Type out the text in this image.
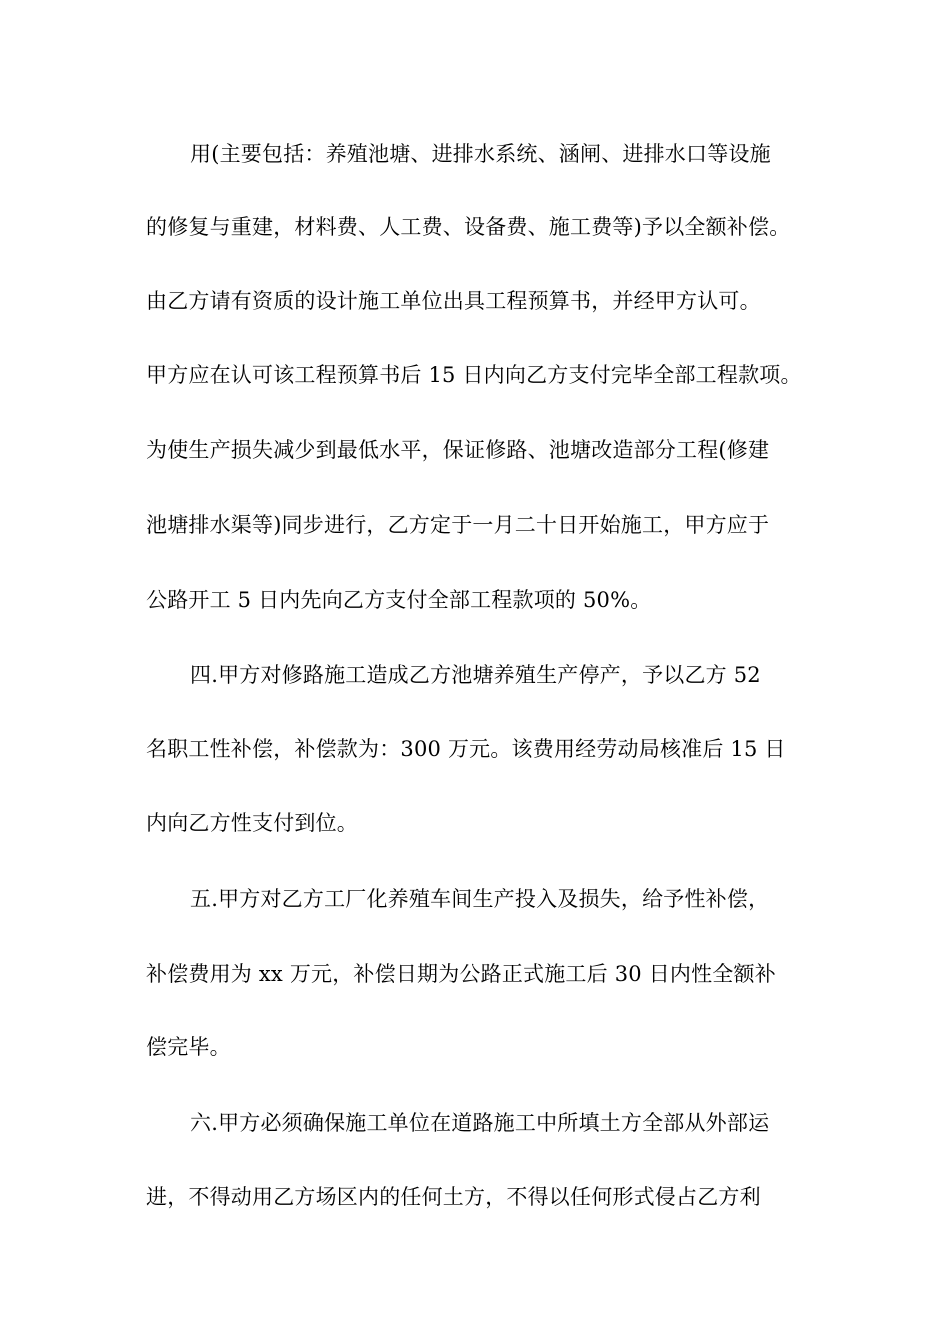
用(主要包括：养殖池塘、进排水系统、涵闸、进排水口等设施
的修复与重建，材料费、人工费、设备费、施工费等)予以全额补偿。
由乙方请有资质的设计施工单位出具工程预算书，并经甲方认可。
甲方应在认可该工程预算书后 15 日内向乙方支付完毕全部工程款项。
为使生产损失减少到最低水平，保证修路、池塘改造部分工程(修建
池塘排水渠等)同步进行，乙方定于一月二十日开始施工，甲方应于
公路开工 5 日内先向乙方支付全部工程款项的 50%。
四.甲方对修路施工造成乙方池塘养殖生产停产，予以乙方 52
名职工性补偿，补偿款为：300 万元。该费用经劳动局核准后 15 日
内向乙方性支付到位。
五.甲方对乙方工厂化养殖车间生产投入及损失，给予性补偿，
补偿费用为 xx 万元，补偿日期为公路正式施工后 30 日内性全额补
偿完毕。
六.甲方必须确保施工单位在道路施工中所填土方全部从外部运
进，不得动用乙方场区内的任何土方，不得以任何形式侵占乙方利
